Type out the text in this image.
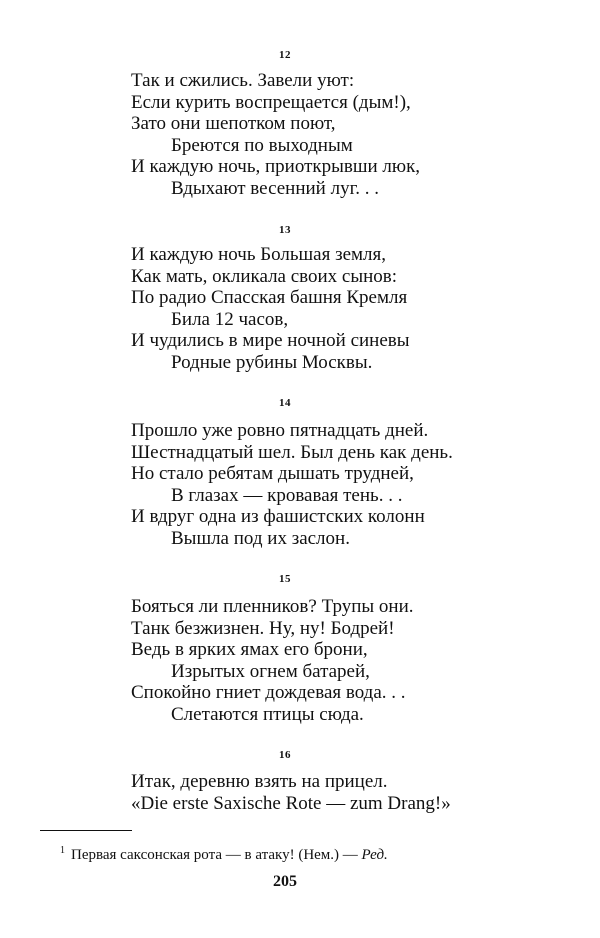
12
Так и сжились. Завели уют:
Если курить воспрещается (дым!),
Зато они шепотком поют,
Бреются по выходным
И каждую ночь, приоткрывши люк,
Вдыхают весенний луг. . .
13
И каждую ночь Большая земля,
Как мать, окликала своих сынов:
По радио Спасская башня Кремля
Била 12 часов,
И чудились в мире ночной синевы
Родные рубины Москвы.
14
Прошло уже ровно пятнадцать дней.
Шестнадцатый шел. Был день как день.
Но стало ребятам дышать трудней,
В глазах — кровавая тень. . .
И вдруг одна из фашистских колонн
Вышла под их заслон.
15
Бояться ли пленников? Трупы они.
Танк безжизнен. Ну, ну! Бодрей!
Ведь в ярких ямах его брони,
Изрытых огнем батарей,
Спокойно гниет дождевая вода. . .
Слетаются птицы сюда.
16
Итак, деревню взять на прицел.
«Die erste Saxische Rote — zum Drang!»
$^1$ Первая саксонская рота — в атаку! (Нем.) — Ред.
205
